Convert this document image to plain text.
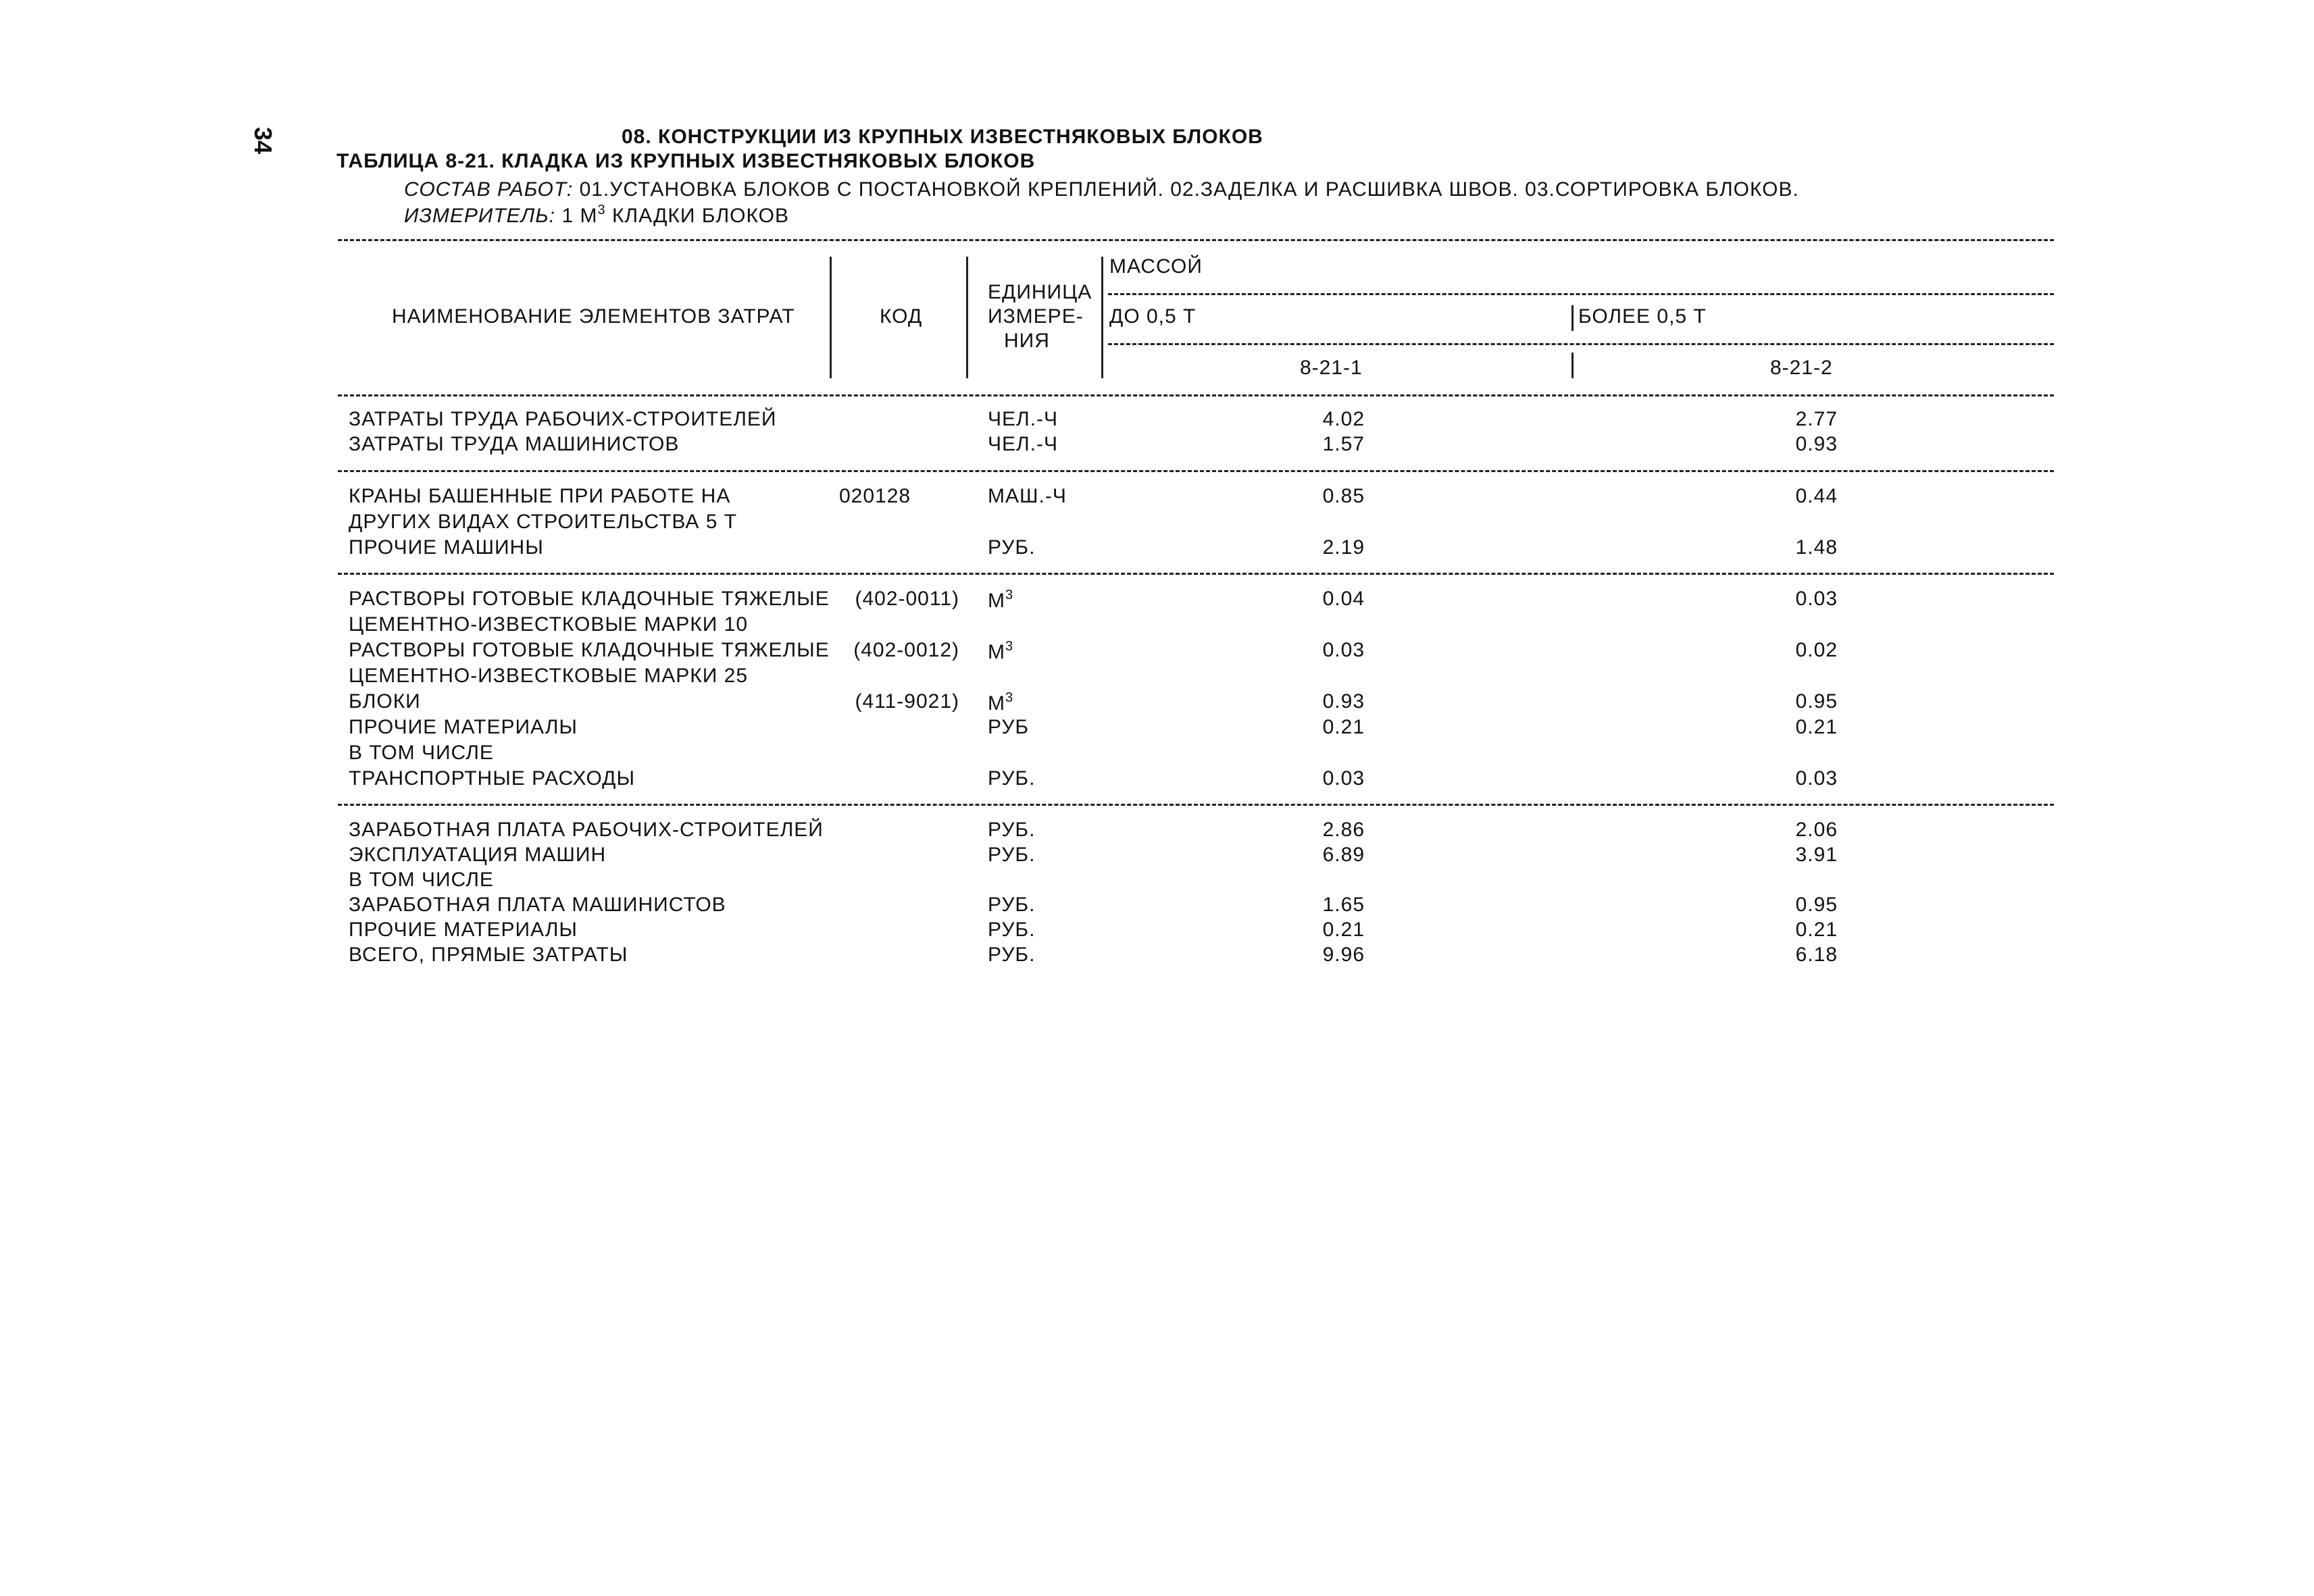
34	08. КОНСТРУКЦИИ ИЗ КРУПНЫХ ИЗВЕСТНЯКОВЫХ БЛОКОВ
ТАБЛИЦА 8-21. КЛАДКА ИЗ КРУПНЫХ ИЗВЕСТНЯКОВЫХ БЛОКОВ
СОСТАВ РАБОТ: 01.УСТАНОВКА БЛОКОВ С ПОСТАНОВКОЙ КРЕПЛЕНИЙ. 02.ЗАДЕЛКА И РАСШИВКА ШВОВ. 03.СОРТИРОВКА БЛОКОВ.
ИЗМЕРИТЕЛЬ: 1 $М^3$ КЛАДКИ БЛОКОВ
НАИМЕНОВАНИЕ ЭЛЕМЕНТОВ ЗАТРАТ	КОД
ЕДИНИЦА
ИЗМЕРЕ-
НИЯ
МАССОЙ
ДО 0,5 Т	БОЛЕЕ 0,5 Т
8-21-1	8-21-2
ЗАТРАТЫ ТРУДА РАБОЧИХ-СТРОИТЕЛЕЙ	ЧЕЛ.-Ч	4.02	2.77
ЗАТРАТЫ ТРУДА МАШИНИСТОВ	ЧЕЛ.-Ч	1.57	0.93
КРАНЫ БАШЕННЫЕ ПРИ РАБОТЕ НА	020128	МАШ.-Ч	0.85	0.44
ДРУГИХ ВИДАХ СТРОИТЕЛЬСТВА 5 Т
ПРОЧИЕ МАШИНЫ	РУБ.	2.19	1.48
РАСТВОРЫ ГОТОВЫЕ КЛАДОЧНЫЕ ТЯЖЕЛЫЕ	(402-0011) $М^3$	0.04	0.03
ЦЕМЕНТНО-ИЗВЕСТКОВЫЕ МАРКИ 10
РАСТВОРЫ ГОТОВЫЕ КЛАДОЧНЫЕ ТЯЖЕЛЫЕ	(402-0012) $М^3$	0.03	0.02
ЦЕМЕНТНО-ИЗВЕСТКОВЫЕ МАРКИ 25
БЛОКИ	(411-9021) $М^3$	0.93	0.95
ПРОЧИЕ МАТЕРИАЛЫ	РУБ	0.21	0.21
В ТОМ ЧИСЛЕ
ТРАНСПОРТНЫЕ РАСХОДЫ	РУБ.	0.03	0.03
ЗАРАБОТНАЯ ПЛАТА РАБОЧИХ-СТРОИТЕЛЕЙ	РУБ.	2.86	2.06
ЭКСПЛУАТАЦИЯ МАШИН	РУБ.	6.89	3.91
В ТОМ ЧИСЛЕ
ЗАРАБОТНАЯ ПЛАТА МАШИНИСТОВ	РУБ.	1.65	0.95
ПРОЧИЕ МАТЕРИАЛЫ	РУБ.	0.21	0.21
ВСЕГО, ПРЯМЫЕ ЗАТРАТЫ	РУБ.	9.96	6.18
